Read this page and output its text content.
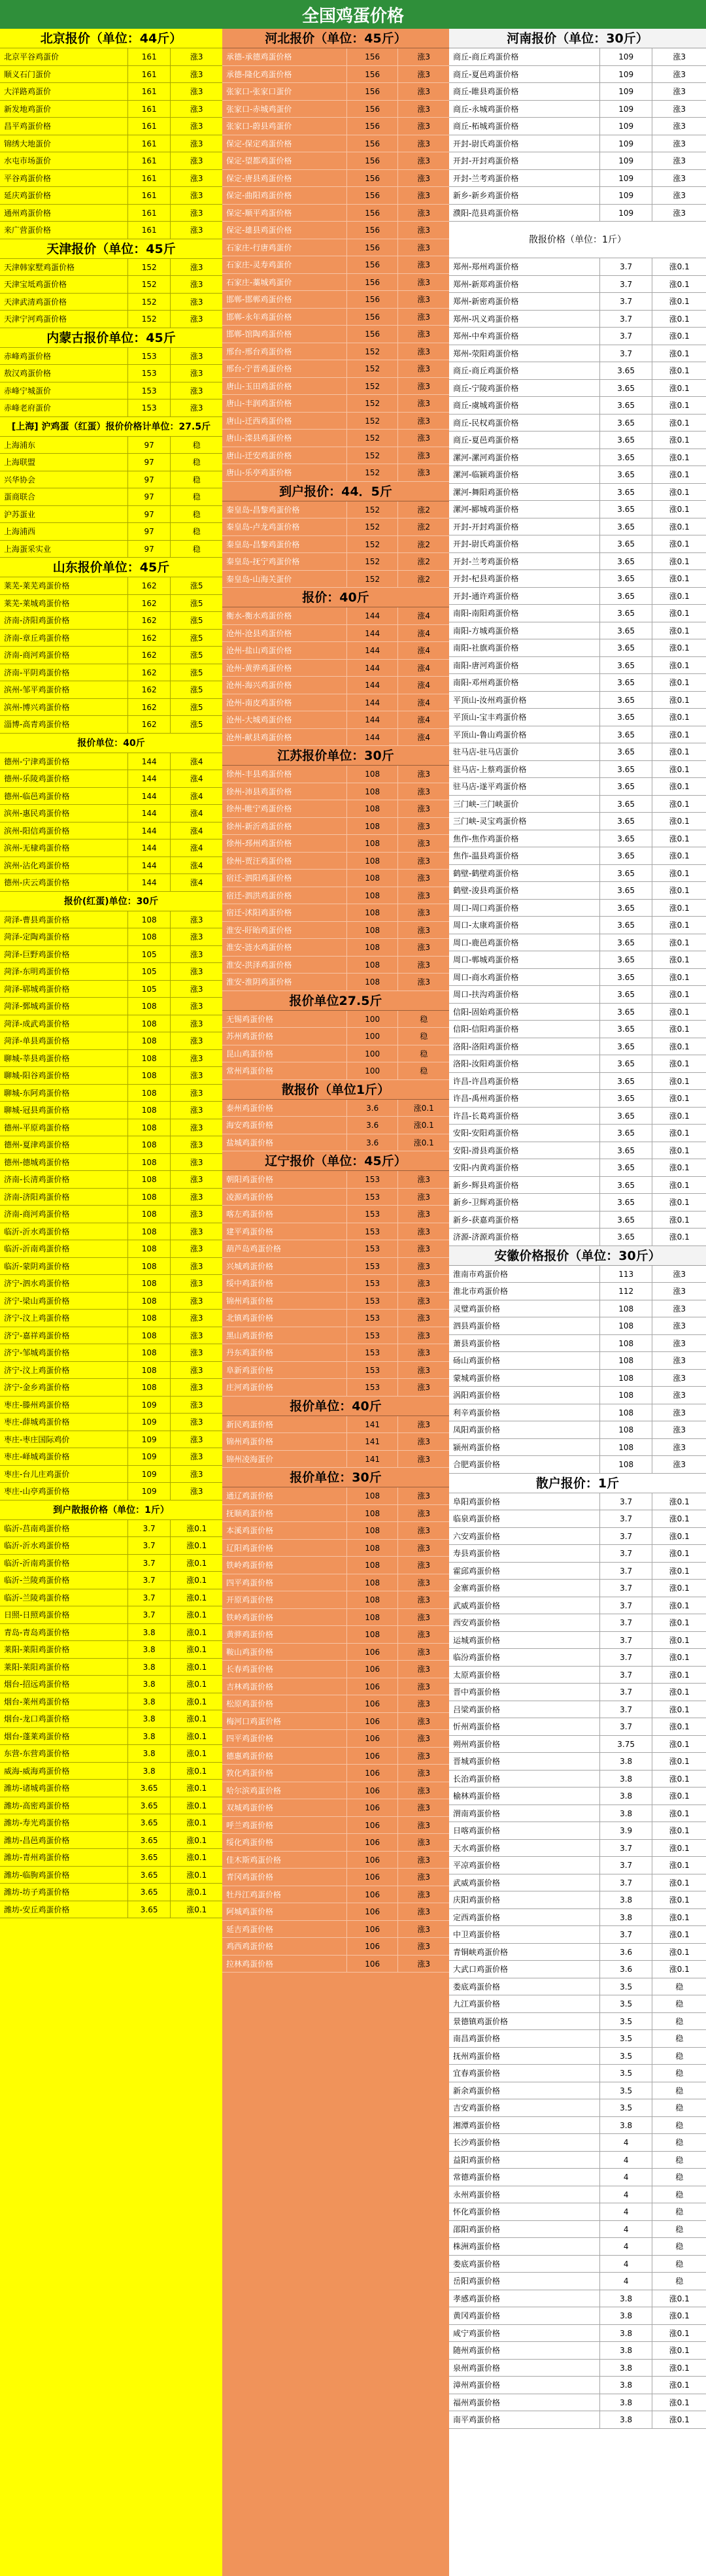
全国鸡蛋价格
北京报价（单位：44斤）
北京平谷鸡蛋价	161	涨3
顺义石门蛋价	161	涨3
大洋路鸡蛋价	161	涨3
新发地鸡蛋价	161	涨3
昌平鸡蛋价格	161	涨3
锦绣大地蛋价	161	涨3
水屯市场蛋价	161	涨3
平谷鸡蛋价格	161	涨3
延庆鸡蛋价格	161	涨3
通州鸡蛋价格	161	涨3
来广营蛋价格	161	涨3
天津报价（单位：45斤
天津韩家墅鸡蛋价格	152	涨3
天津宝坻鸡蛋价格	152	涨3
天津武清鸡蛋价格	152	涨3
天津宁河鸡蛋价格	152	涨3
内蒙古报价单位：45斤
赤峰鸡蛋价格	153	涨3
敖汉鸡蛋价格	153	涨3
赤峰宁城蛋价	153	涨3
赤峰老府蛋价	153	涨3
[上海] 沪鸡蛋（红蛋）报价价格计单位：27.5斤
上海浦东	97	稳
上海联盟	97	稳
兴华协会	97	稳
蛋商联合	97	稳
沪苏蛋业	97	稳
上海浦西	97	稳
上海蛋采实业	97	稳
山东报价单位：45斤
莱芜-莱芜鸡蛋价格	162	涨5
莱芜-莱城鸡蛋价格	162	涨5
济南-济阳鸡蛋价格	162	涨5
济南-章丘鸡蛋价格	162	涨5
济南-商河鸡蛋价格	162	涨5
济南-平阴鸡蛋价格	162	涨5
滨州-邹平鸡蛋价格	162	涨5
滨州-博兴鸡蛋价格	162	涨5
淄博-高青鸡蛋价格	162	涨5
报价单位：40斤
德州-宁津鸡蛋价格	144	涨4
德州-乐陵鸡蛋价格	144	涨4
德州-临邑鸡蛋价格	144	涨4
滨州-惠民鸡蛋价格	144	涨4
滨州-阳信鸡蛋价格	144	涨4
滨州-无棣鸡蛋价格	144	涨4
滨州-沾化鸡蛋价格	144	涨4
德州-庆云鸡蛋价格	144	涨4
报价(红蛋)单位：30斤
菏泽-曹县鸡蛋价格	108	涨3
菏泽-定陶鸡蛋价格	108	涨3
菏泽-巨野鸡蛋价格	105	涨3
菏泽-东明鸡蛋价格	105	涨3
菏泽-郓城鸡蛋价格	105	涨3
菏泽-鄄城鸡蛋价格	108	涨3
菏泽-成武鸡蛋价格	108	涨3
菏泽-单县鸡蛋价格	108	涨3
聊城-莘县鸡蛋价格	108	涨3
聊城-阳谷鸡蛋价格	108	涨3
聊城-东阿鸡蛋价格	108	涨3
聊城-冠县鸡蛋价格	108	涨3
德州-平原鸡蛋价格	108	涨3
德州-夏津鸡蛋价格	108	涨3
德州-德城鸡蛋价格	108	涨3
济南-长清鸡蛋价格	108	涨3
济南-济阳鸡蛋价格	108	涨3
济南-商河鸡蛋价格	108	涨3
临沂-沂水鸡蛋价格	108	涨3
临沂-沂南鸡蛋价格	108	涨3
临沂-蒙阴鸡蛋价格	108	涨3
济宁-泗水鸡蛋价格	108	涨3
济宁-梁山鸡蛋价格	108	涨3
济宁-汶上鸡蛋价格	108	涨3
济宁-嘉祥鸡蛋价格	108	涨3
济宁-邹城鸡蛋价格	108	涨3
济宁-汶上鸡蛋价格	108	涨3
济宁-金乡鸡蛋价格	108	涨3
枣庄-滕州鸡蛋价格	109	涨3
枣庄-薛城鸡蛋价格	109	涨3
枣庄-枣庄国际鸡价	109	涨3
枣庄-峄城鸡蛋价格	109	涨3
枣庄-台儿庄鸡蛋价	109	涨3
枣庄-山亭鸡蛋价格	109	涨3
到户散报价格（单位：1斤）
临沂-莒南鸡蛋价格	3.7	涨0.1
临沂-沂水鸡蛋价格	3.7	涨0.1
临沂-沂南鸡蛋价格	3.7	涨0.1
临沂-兰陵鸡蛋价格	3.7	涨0.1
临沂-兰陵鸡蛋价格	3.7	涨0.1
日照-日照鸡蛋价格	3.7	涨0.1
青岛-青岛鸡蛋价格	3.8	涨0.1
莱阳-莱阳鸡蛋价格	3.8	涨0.1
莱阳-莱阳鸡蛋价格	3.8	涨0.1
烟台-招远鸡蛋价格	3.8	涨0.1
烟台-莱州鸡蛋价格	3.8	涨0.1
烟台-龙口鸡蛋价格	3.8	涨0.1
烟台-蓬莱鸡蛋价格	3.8	涨0.1
东营-东营鸡蛋价格	3.8	涨0.1
威海-威海鸡蛋价格	3.8	涨0.1
潍坊-诸城鸡蛋价格	3.65	涨0.1
潍坊-高密鸡蛋价格	3.65	涨0.1
潍坊-寿光鸡蛋价格	3.65	涨0.1
潍坊-昌邑鸡蛋价格	3.65	涨0.1
潍坊-青州鸡蛋价格	3.65	涨0.1
潍坊-临朐鸡蛋价格	3.65	涨0.1
潍坊-坊子鸡蛋价格	3.65	涨0.1
潍坊-安丘鸡蛋价格	3.65	涨0.1
河北报价（单位：45斤）
承德-承德鸡蛋价格	156	涨3
承德-隆化鸡蛋价格	156	涨3
张家口-张家口蛋价	156	涨3
张家口-赤城鸡蛋价	156	涨3
张家口-蔚县鸡蛋价	156	涨3
保定-保定鸡蛋价格	156	涨3
保定-望都鸡蛋价格	156	涨3
保定-唐县鸡蛋价格	156	涨3
保定-曲阳鸡蛋价格	156	涨3
保定-顺平鸡蛋价格	156	涨3
保定-雄县鸡蛋价格	156	涨3
石家庄-行唐鸡蛋价	156	涨3
石家庄-灵寿鸡蛋价	156	涨3
石家庄-藁城鸡蛋价	156	涨3
邯郸-邯郸鸡蛋价格	156	涨3
邯郸-永年鸡蛋价格	156	涨3
邯郸-馆陶鸡蛋价格	156	涨3
邢台-邢台鸡蛋价格	152	涨3
邢台-宁晋鸡蛋价格	152	涨3
唐山-玉田鸡蛋价格	152	涨3
唐山-丰润鸡蛋价格	152	涨3
唐山-迁西鸡蛋价格	152	涨3
唐山-滦县鸡蛋价格	152	涨3
唐山-迁安鸡蛋价格	152	涨3
唐山-乐亭鸡蛋价格	152	涨3
到户报价：44．5斤
秦皇岛-昌黎鸡蛋价格	152	涨2
秦皇岛-卢龙鸡蛋价格	152	涨2
秦皇岛-昌黎鸡蛋价格	152	涨2
秦皇岛-抚宁鸡蛋价格	152	涨2
秦皇岛-山海关蛋价	152	涨2
报价：40斤
衡水-衡水鸡蛋价格	144	涨4
沧州-沧县鸡蛋价格	144	涨4
沧州-盐山鸡蛋价格	144	涨4
沧州-黄骅鸡蛋价格	144	涨4
沧州-海兴鸡蛋价格	144	涨4
沧州-南皮鸡蛋价格	144	涨4
沧州-大城鸡蛋价格	144	涨4
沧州-献县鸡蛋价格	144	涨4
江苏报价单位：30斤
徐州-丰县鸡蛋价格	108	涨3
徐州-沛县鸡蛋价格	108	涨3
徐州-睢宁鸡蛋价格	108	涨3
徐州-新沂鸡蛋价格	108	涨3
徐州-邳州鸡蛋价格	108	涨3
徐州-贾汪鸡蛋价格	108	涨3
宿迁-泗阳鸡蛋价格	108	涨3
宿迁-泗洪鸡蛋价格	108	涨3
宿迁-沭阳鸡蛋价格	108	涨3
淮安-盱眙鸡蛋价格	108	涨3
淮安-涟水鸡蛋价格	108	涨3
淮安-洪泽鸡蛋价格	108	涨3
淮安-淮阴鸡蛋价格	108	涨3
报价单位27.5斤
无锡鸡蛋价格	100	稳
苏州鸡蛋价格	100	稳
昆山鸡蛋价格	100	稳
常州鸡蛋价格	100	稳
散报价（单位1斤）
泰州鸡蛋价格	3.6	涨0.1
海安鸡蛋价格	3.6	涨0.1
盐城鸡蛋价格	3.6	涨0.1
辽宁报价（单位：45斤）
朝阳鸡蛋价格	153	涨3
凌源鸡蛋价格	153	涨3
喀左鸡蛋价格	153	涨3
建平鸡蛋价格	153	涨3
葫芦岛鸡蛋价格	153	涨3
兴城鸡蛋价格	153	涨3
绥中鸡蛋价格	153	涨3
锦州鸡蛋价格	153	涨3
北镇鸡蛋价格	153	涨3
黑山鸡蛋价格	153	涨3
丹东鸡蛋价格	153	涨3
阜新鸡蛋价格	153	涨3
庄河鸡蛋价格	153	涨3
报价单位：40斤
新民鸡蛋价格	141	涨3
锦州鸡蛋价格	141	涨3
锦州凌海蛋价	141	涨3
报价单位：30斤
通辽鸡蛋价格	108	涨3
抚顺鸡蛋价格	108	涨3
本溪鸡蛋价格	108	涨3
辽阳鸡蛋价格	108	涨3
铁岭鸡蛋价格	108	涨3
四平鸡蛋价格	108	涨3
开原鸡蛋价格	108	涨3
铁岭鸡蛋价格	108	涨3
黄骅鸡蛋价格	108	涨3
鞍山鸡蛋价格	106	涨3
长春鸡蛋价格	106	涨3
吉林鸡蛋价格	106	涨3
松原鸡蛋价格	106	涨3
梅河口鸡蛋价格	106	涨3
四平鸡蛋价格	106	涨3
德惠鸡蛋价格	106	涨3
敦化鸡蛋价格	106	涨3
哈尔滨鸡蛋价格	106	涨3
双城鸡蛋价格	106	涨3
呼兰鸡蛋价格	106	涨3
绥化鸡蛋价格	106	涨3
佳木斯鸡蛋价格	106	涨3
青冈鸡蛋价格	106	涨3
牡丹江鸡蛋价格	106	涨3
阿城鸡蛋价格	106	涨3
延吉鸡蛋价格	106	涨3
鸡西鸡蛋价格	106	涨3
拉林鸡蛋价格	106	涨3
河南报价（单位：30斤）
商丘-商丘鸡蛋价格	109	涨3
商丘-夏邑鸡蛋价格	109	涨3
商丘-睢县鸡蛋价格	109	涨3
商丘-永城鸡蛋价格	109	涨3
商丘-柘城鸡蛋价格	109	涨3
开封-尉氏鸡蛋价格	109	涨3
开封-开封鸡蛋价格	109	涨3
开封-兰考鸡蛋价格	109	涨3
新乡-新乡鸡蛋价格	109	涨3
濮阳-范县鸡蛋价格	109	涨3
散报价格（单位：1斤）
郑州-郑州鸡蛋价格	3.7	涨0.1
郑州-新郑鸡蛋价格	3.7	涨0.1
郑州-新密鸡蛋价格	3.7	涨0.1
郑州-巩义鸡蛋价格	3.7	涨0.1
郑州-中牟鸡蛋价格	3.7	涨0.1
郑州-荥阳鸡蛋价格	3.7	涨0.1
商丘-商丘鸡蛋价格	3.65	涨0.1
商丘-宁陵鸡蛋价格	3.65	涨0.1
商丘-虞城鸡蛋价格	3.65	涨0.1
商丘-民权鸡蛋价格	3.65	涨0.1
商丘-夏邑鸡蛋价格	3.65	涨0.1
漯河-漯河鸡蛋价格	3.65	涨0.1
漯河-临颍鸡蛋价格	3.65	涨0.1
漯河-舞阳鸡蛋价格	3.65	涨0.1
漯河-郾城鸡蛋价格	3.65	涨0.1
开封-开封鸡蛋价格	3.65	涨0.1
开封-尉氏鸡蛋价格	3.65	涨0.1
开封-兰考鸡蛋价格	3.65	涨0.1
开封-杞县鸡蛋价格	3.65	涨0.1
开封-通许鸡蛋价格	3.65	涨0.1
南阳-南阳鸡蛋价格	3.65	涨0.1
南阳-方城鸡蛋价格	3.65	涨0.1
南阳-社旗鸡蛋价格	3.65	涨0.1
南阳-唐河鸡蛋价格	3.65	涨0.1
南阳-邓州鸡蛋价格	3.65	涨0.1
平顶山-汝州鸡蛋价格	3.65	涨0.1
平顶山-宝丰鸡蛋价格	3.65	涨0.1
平顶山-鲁山鸡蛋价格	3.65	涨0.1
驻马店-驻马店蛋价	3.65	涨0.1
驻马店-上蔡鸡蛋价格	3.65	涨0.1
驻马店-遂平鸡蛋价格	3.65	涨0.1
三门峡-三门峡蛋价	3.65	涨0.1
三门峡-灵宝鸡蛋价格	3.65	涨0.1
焦作-焦作鸡蛋价格	3.65	涨0.1
焦作-温县鸡蛋价格	3.65	涨0.1
鹤壁-鹤壁鸡蛋价格	3.65	涨0.1
鹤壁-浚县鸡蛋价格	3.65	涨0.1
周口-周口鸡蛋价格	3.65	涨0.1
周口-太康鸡蛋价格	3.65	涨0.1
周口-鹿邑鸡蛋价格	3.65	涨0.1
周口-郸城鸡蛋价格	3.65	涨0.1
周口-商水鸡蛋价格	3.65	涨0.1
周口-扶沟鸡蛋价格	3.65	涨0.1
信阳-固始鸡蛋价格	3.65	涨0.1
信阳-信阳鸡蛋价格	3.65	涨0.1
洛阳-洛阳鸡蛋价格	3.65	涨0.1
洛阳-汝阳鸡蛋价格	3.65	涨0.1
许昌-许昌鸡蛋价格	3.65	涨0.1
许昌-禹州鸡蛋价格	3.65	涨0.1
许昌-长葛鸡蛋价格	3.65	涨0.1
安阳-安阳鸡蛋价格	3.65	涨0.1
安阳-滑县鸡蛋价格	3.65	涨0.1
安阳-内黄鸡蛋价格	3.65	涨0.1
新乡-辉县鸡蛋价格	3.65	涨0.1
新乡-卫辉鸡蛋价格	3.65	涨0.1
新乡-获嘉鸡蛋价格	3.65	涨0.1
济源-济源鸡蛋价格	3.65	涨0.1
安徽价格报价（单位：30斤）
淮南市鸡蛋价格	113	涨3
淮北市鸡蛋价格	112	涨3
灵璧鸡蛋价格	108	涨3
泗县鸡蛋价格	108	涨3
萧县鸡蛋价格	108	涨3
砀山鸡蛋价格	108	涨3
蒙城鸡蛋价格	108	涨3
涡阳鸡蛋价格	108	涨3
利辛鸡蛋价格	108	涨3
凤阳鸡蛋价格	108	涨3
颍州鸡蛋价格	108	涨3
合肥鸡蛋价格	108	涨3
散户报价：1斤
阜阳鸡蛋价格	3.7	涨0.1
临泉鸡蛋价格	3.7	涨0.1
六安鸡蛋价格	3.7	涨0.1
寿县鸡蛋价格	3.7	涨0.1
霍邱鸡蛋价格	3.7	涨0.1
金寨鸡蛋价格	3.7	涨0.1
武威鸡蛋价格	3.7	涨0.1
西安鸡蛋价格	3.7	涨0.1
运城鸡蛋价格	3.7	涨0.1
临汾鸡蛋价格	3.7	涨0.1
太原鸡蛋价格	3.7	涨0.1
晋中鸡蛋价格	3.7	涨0.1
吕梁鸡蛋价格	3.7	涨0.1
忻州鸡蛋价格	3.7	涨0.1
朔州鸡蛋价格	3.75	涨0.1
晋城鸡蛋价格	3.8	涨0.1
长治鸡蛋价格	3.8	涨0.1
榆林鸡蛋价格	3.8	涨0.1
渭南鸡蛋价格	3.8	涨0.1
日喀鸡蛋价格	3.9	涨0.1
天水鸡蛋价格	3.7	涨0.1
平凉鸡蛋价格	3.7	涨0.1
武威鸡蛋价格	3.7	涨0.1
庆阳鸡蛋价格	3.8	涨0.1
定西鸡蛋价格	3.8	涨0.1
中卫鸡蛋价格	3.7	涨0.1
青铜峡鸡蛋价格	3.6	涨0.1
大武口鸡蛋价格	3.6	涨0.1
娄底鸡蛋价格	3.5	稳
九江鸡蛋价格	3.5	稳
景德镇鸡蛋价格	3.5	稳
南昌鸡蛋价格	3.5	稳
抚州鸡蛋价格	3.5	稳
宜春鸡蛋价格	3.5	稳
新余鸡蛋价格	3.5	稳
吉安鸡蛋价格	3.5	稳
湘潭鸡蛋价格	3.8	稳
长沙鸡蛋价格	4	稳
益阳鸡蛋价格	4	稳
常德鸡蛋价格	4	稳
永州鸡蛋价格	4	稳
怀化鸡蛋价格	4	稳
邵阳鸡蛋价格	4	稳
株洲鸡蛋价格	4	稳
娄底鸡蛋价格	4	稳
岳阳鸡蛋价格	4	稳
孝感鸡蛋价格	3.8	涨0.1
黄冈鸡蛋价格	3.8	涨0.1
咸宁鸡蛋价格	3.8	涨0.1
随州鸡蛋价格	3.8	涨0.1
泉州鸡蛋价格	3.8	涨0.1
漳州鸡蛋价格	3.8	涨0.1
福州鸡蛋价格	3.8	涨0.1
南平鸡蛋价格	3.8	涨0.1
